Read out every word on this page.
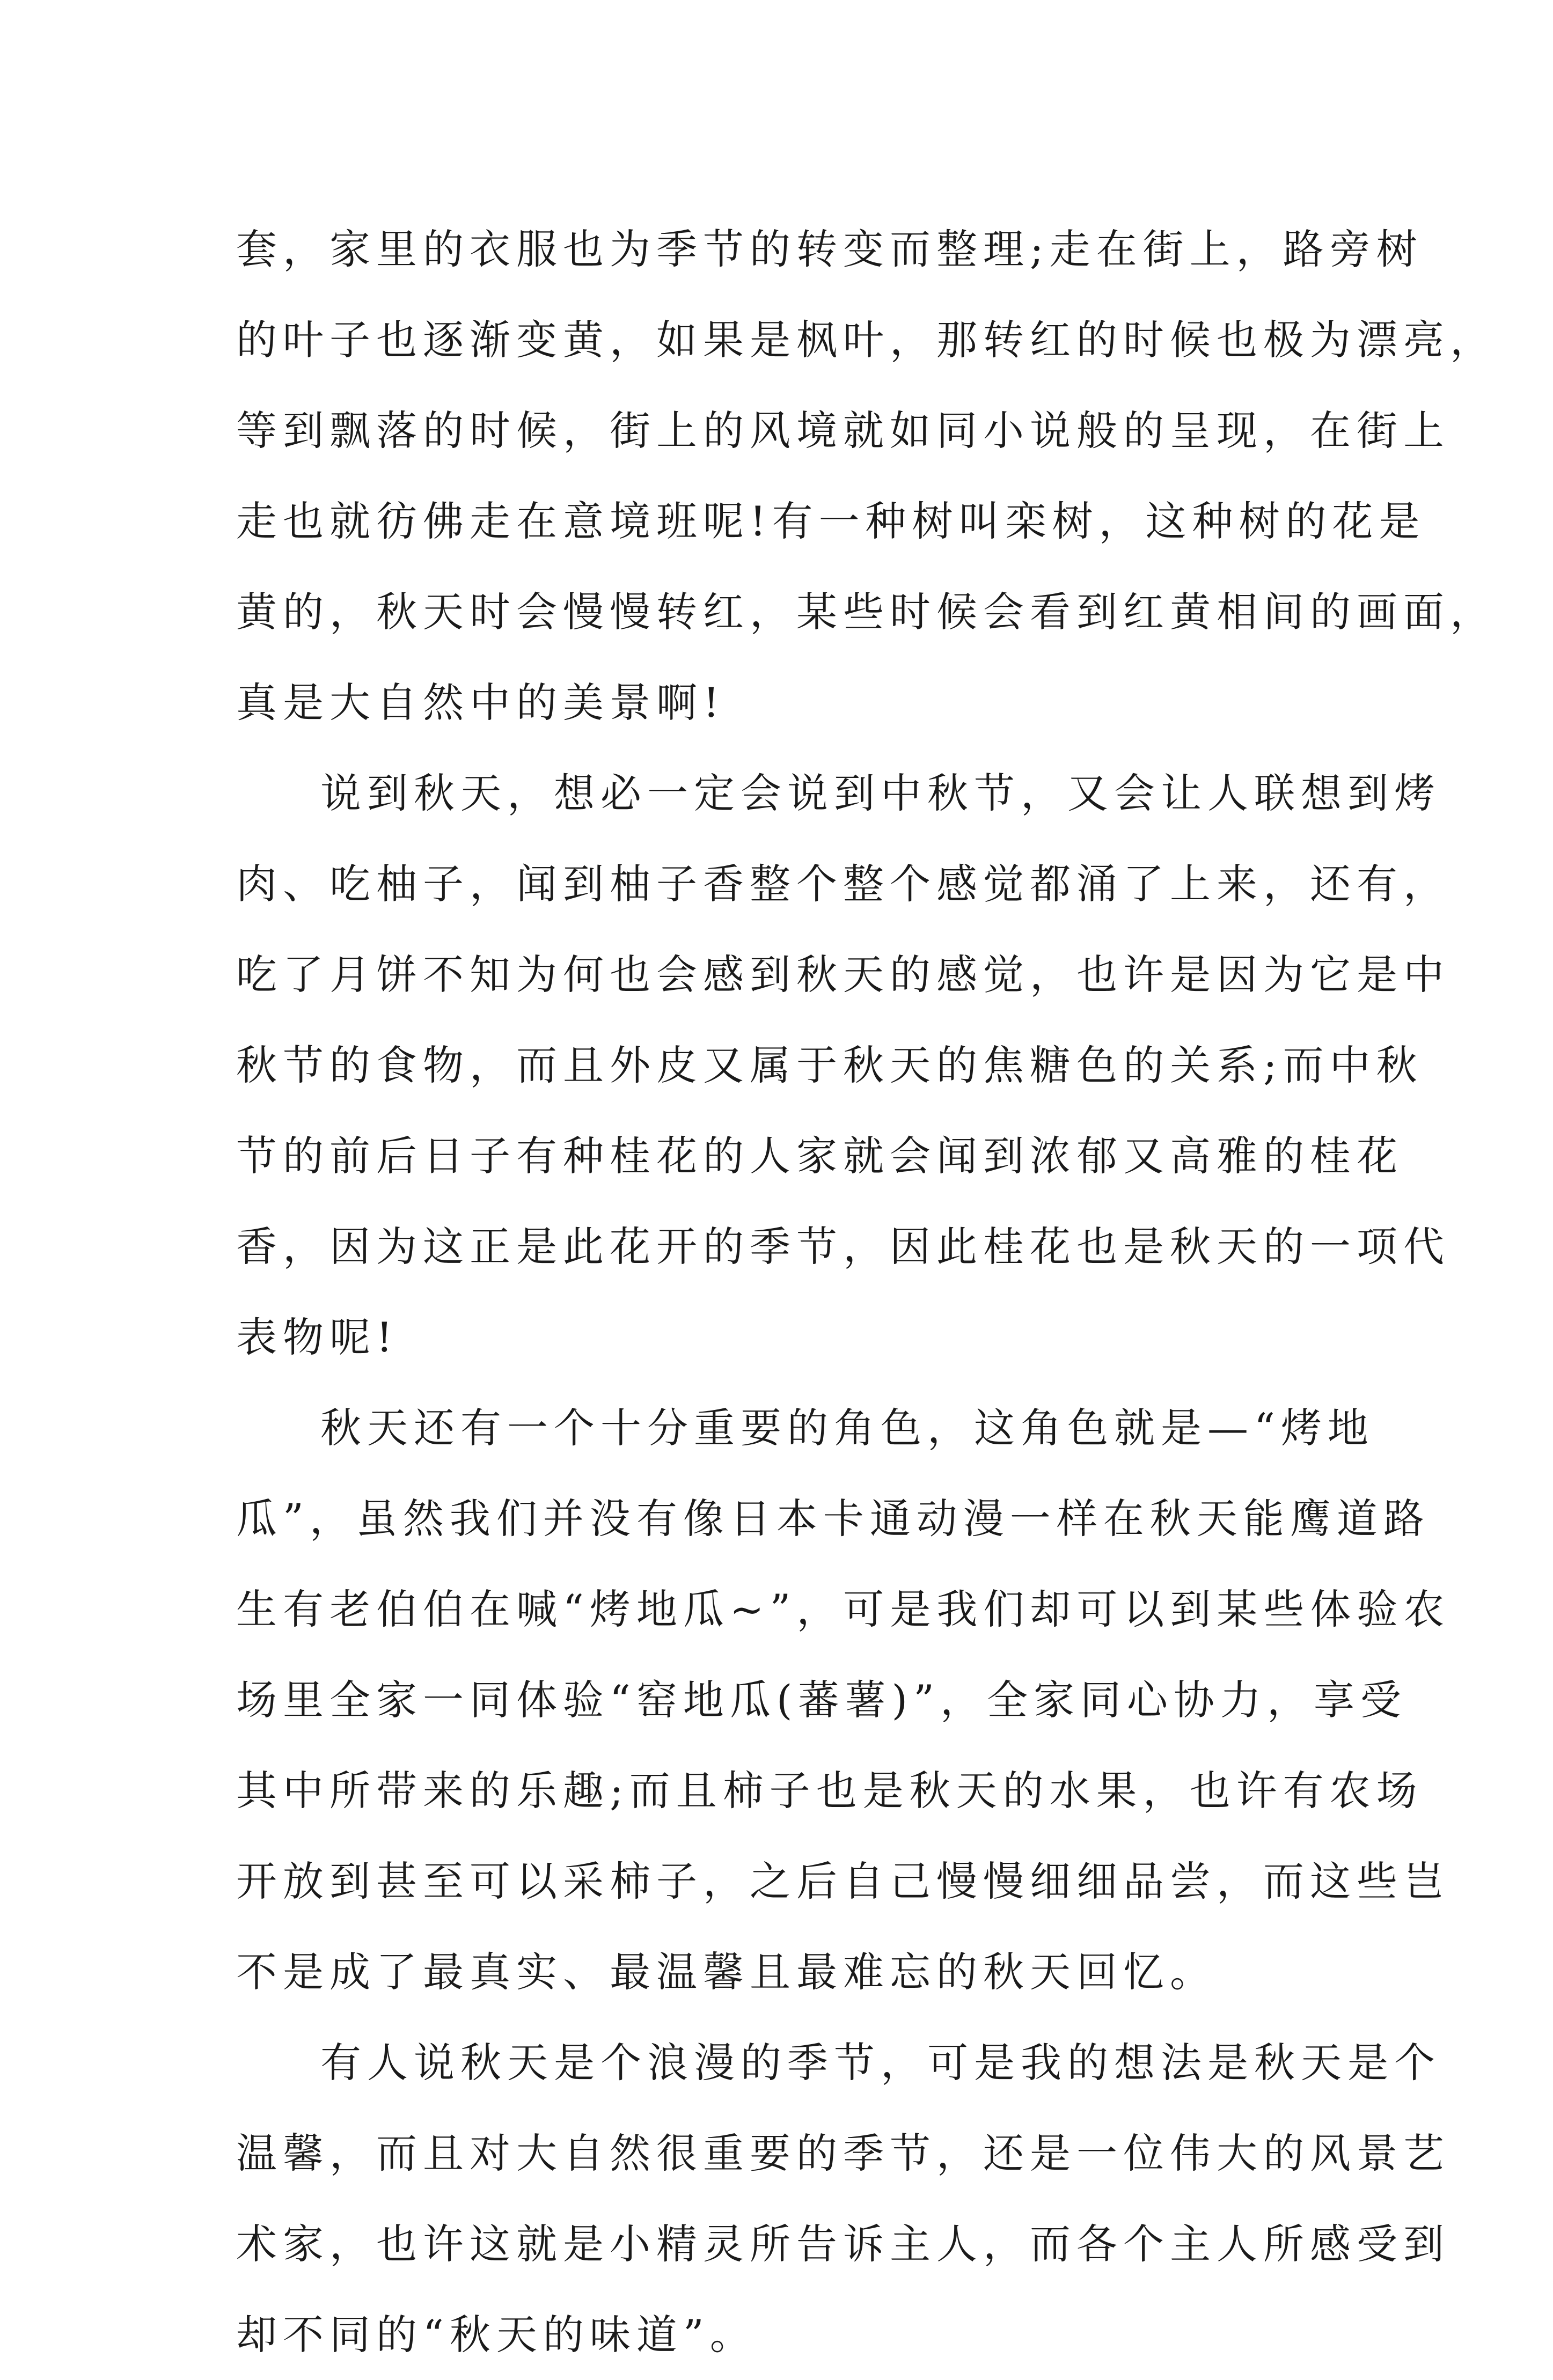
套，家里的衣服也为季节的转变而整理;走在街上，路旁树
的叶子也逐渐变黄，如果是枫叶，那转红的时候也极为漂亮，
等到飘落的时候，街上的风境就如同小说般的呈现，在街上
走也就彷佛走在意境班呢!有一种树叫栾树，这种树的花是
黄的，秋天时会慢慢转红，某些时候会看到红黄相间的画面，
真是大自然中的美景啊!
说到秋天，想必一定会说到中秋节，又会让人联想到烤
肉、吃柚子，闻到柚子香整个整个感觉都涌了上来，还有，
吃了月饼不知为何也会感到秋天的感觉，也许是因为它是中
秋节的食物，而且外皮又属于秋天的焦糖色的关系;而中秋
节的前后日子有种桂花的人家就会闻到浓郁又高雅的桂花
香，因为这正是此花开的季节，因此桂花也是秋天的一项代
表物呢!
秋天还有一个十分重要的角色，这角色就是—“烤地
瓜”，虽然我们并没有像日本卡通动漫一样在秋天能鹰道路
生有老伯伯在喊“烤地瓜~”，可是我们却可以到某些体验农
场里全家一同体验“窑地瓜(蕃薯)”，全家同心协力，享受
其中所带来的乐趣;而且柿子也是秋天的水果，也许有农场
开放到甚至可以采柿子，之后自己慢慢细细品尝，而这些岂
不是成了最真实、最温馨且最难忘的秋天回忆。
有人说秋天是个浪漫的季节，可是我的想法是秋天是个
温馨，而且对大自然很重要的季节，还是一位伟大的风景艺
术家，也许这就是小精灵所告诉主人，而各个主人所感受到
却不同的“秋天的味道”。
